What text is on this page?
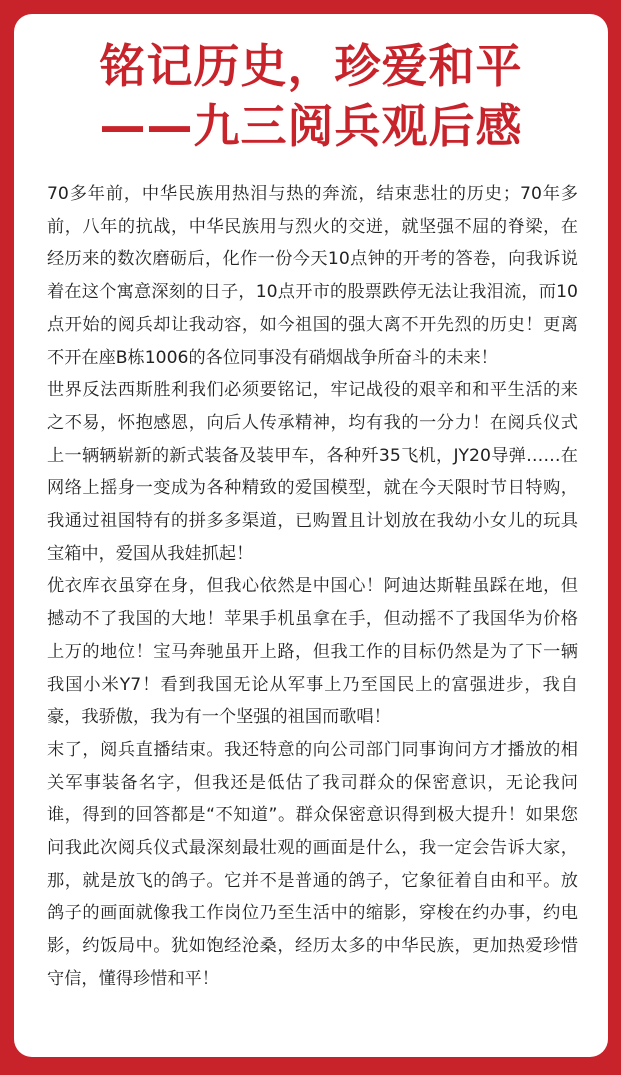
铭记历史，珍爱和平
——九三阅兵观后感

70多年前，中华民族用热泪与热的奔流，结束悲壮的历史；70年多前，八年的抗战，中华民族用与烈火的交迸，就坚强不屈的脊梁，在经历来的数次磨砺后，化作一份今天10点钟的开考的答卷，向我诉说着在这个寓意深刻的日子，10点开市的股票跌停无法让我泪流，而10点开始的阅兵却让我动容，如今祖国的强大离不开先烈的历史！更离不开在座B栋1006的各位同事没有硝烟战争所奋斗的未来！

世界反法西斯胜利我们必须要铭记，牢记战役的艰辛和和平生活的来之不易，怀抱感恩，向后人传承精神，均有我的一分力！在阅兵仪式上一辆辆崭新的新式装备及装甲车，各种歼35飞机，JY20导弹……在网络上摇身一变成为各种精致的爱国模型，就在今天限时节日特购，我通过祖国特有的拼多多渠道，已购置且计划放在我幼小女儿的玩具宝箱中，爱国从我娃抓起！

优衣库衣虽穿在身，但我心依然是中国心！阿迪达斯鞋虽踩在地，但撼动不了我国的大地！苹果手机虽拿在手，但动摇不了我国华为价格上万的地位！宝马奔驰虽开上路，但我工作的目标仍然是为了下一辆我国小米Y7！看到我国无论从军事上乃至国民上的富强进步，我自豪，我骄傲，我为有一个坚强的祖国而歌唱！

末了，阅兵直播结束。我还特意的向公司部门同事询问方才播放的相关军事装备名字，但我还是低估了我司群众的保密意识，无论我问谁，得到的回答都是“不知道”。群众保密意识得到极大提升！如果您问我此次阅兵仪式最深刻最壮观的画面是什么，我一定会告诉大家，那，就是放飞的鸽子。它并不是普通的鸽子，它象征着自由和平。放鸽子的画面就像我工作岗位乃至生活中的缩影，穿梭在约办事，约电影，约饭局中。犹如饱经沧桑，经历太多的中华民族，更加热爱珍惜守信，懂得珍惜和平！
